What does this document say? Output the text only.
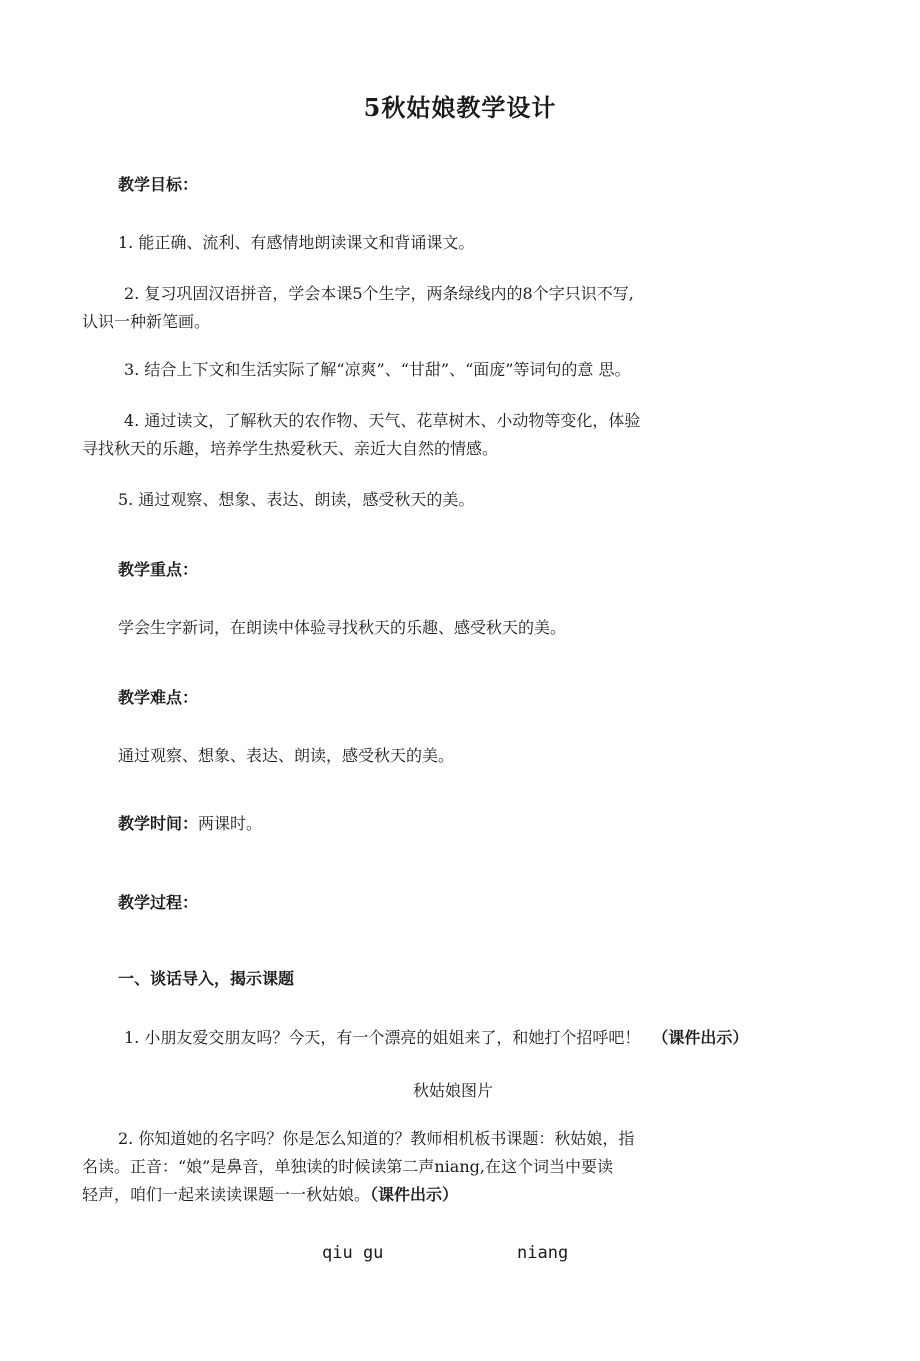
5秋姑娘教学设计
教学目标：
1. 能正确、流利、有感情地朗读课文和背诵课文。
2. 复习巩固汉语拼音，学会本课5个生字，两条绿线内的8个字只识不写,
认识一种新笔画。
3. 结合上下文和生活实际了解“凉爽”、“甘甜”、“面庞”等词句的意 思。
4. 通过读文，了解秋天的农作物、天气、花草树木、小动物等变化，体验
寻找秋天的乐趣，培养学生热爱秋天、亲近大自然的情感。
5. 通过观察、想象、表达、朗读，感受秋天的美。
教学重点：
学会生字新词，在朗读中体验寻找秋天的乐趣、感受秋天的美。
教学难点：
通过观察、想象、表达、朗读，感受秋天的美。
教学时间：两课时。
教学过程：
一、谈话导入，揭示课题
1. 小朋友爱交朋友吗？今天，有一个漂亮的姐姐来了，和她打个招呼吧！ （课件出示）
秋姑娘图片
2. 你知道她的名字吗？你是怎么知道的？教师相机板书课题：秋姑娘，指
名读。正音：“娘”是鼻音，单独读的时候读第二声niang,在这个词当中要读
轻声，咱们一起来读读课题一一秋姑娘。（课件出示）
qiu gu	niang
